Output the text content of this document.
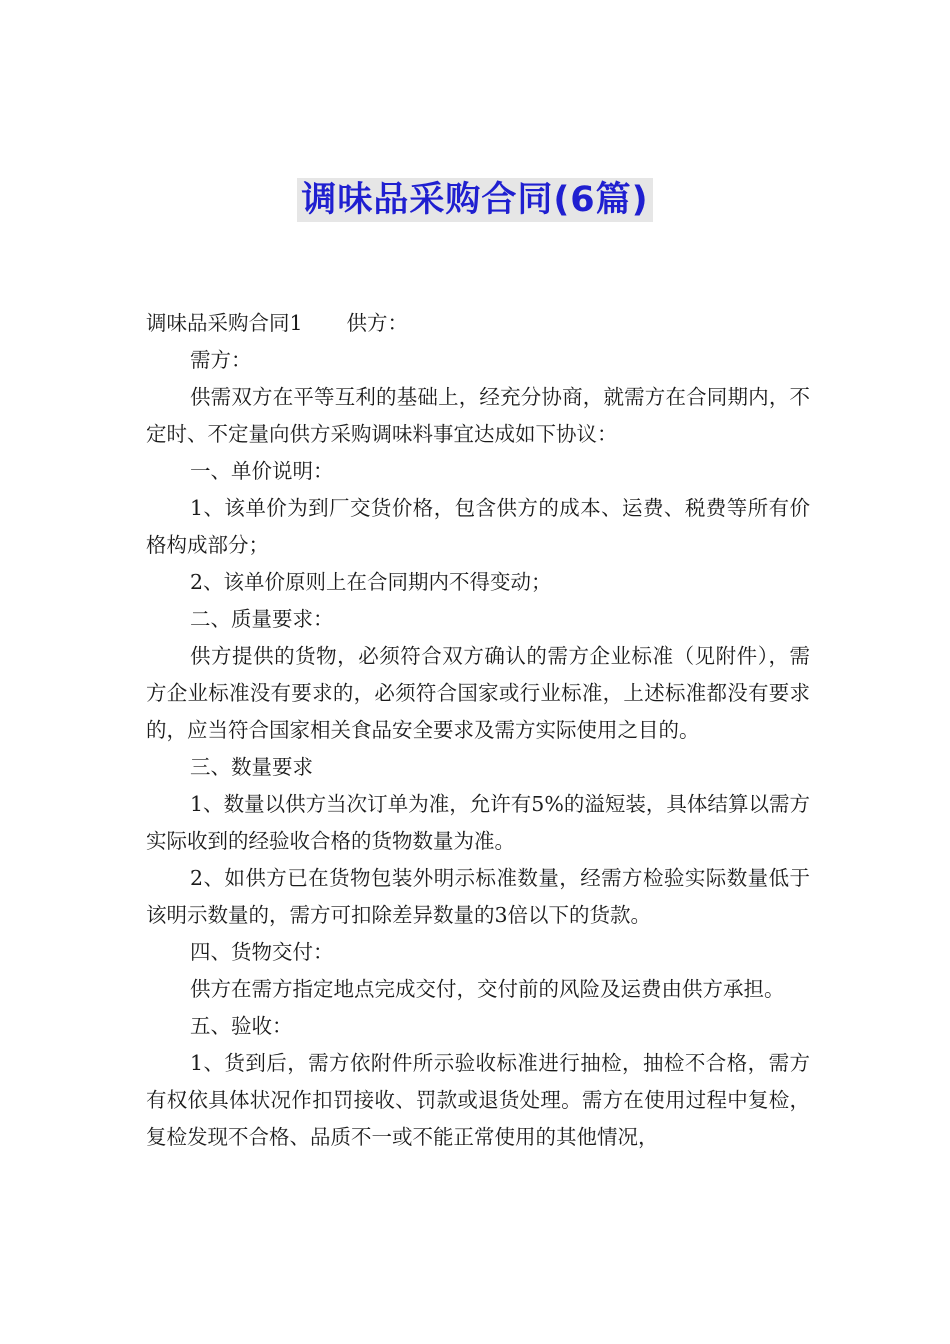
调味品采购合同(6篇)

调味品采购合同1 供方：

需方：

供需双方在平等互利的基础上，经充分协商，就需方在合同期内，不定时、不定量向供方采购调味料事宜达成如下协议：

一、单价说明：

1、该单价为到厂交货价格，包含供方的成本、运费、税费等所有价格构成部分；

2、该单价原则上在合同期内不得变动；

二、质量要求：

供方提供的货物，必须符合双方确认的需方企业标准（见附件），需方企业标准没有要求的，必须符合国家或行业标准，上述标准都没有要求的，应当符合国家相关食品安全要求及需方实际使用之目的。

三、数量要求

1、数量以供方当次订单为准，允许有5%的溢短装，具体结算以需方实际收到的经验收合格的货物数量为准。

2、如供方已在货物包装外明示标准数量，经需方检验实际数量低于该明示数量的，需方可扣除差异数量的3倍以下的货款。

四、货物交付：

供方在需方指定地点完成交付，交付前的风险及运费由供方承担。

五、验收：

1、货到后，需方依附件所示验收标准进行抽检，抽检不合格，需方有权依具体状况作扣罚接收、罚款或退货处理。需方在使用过程中复检，复检发现不合格、品质不一或不能正常使用的其他情况，
